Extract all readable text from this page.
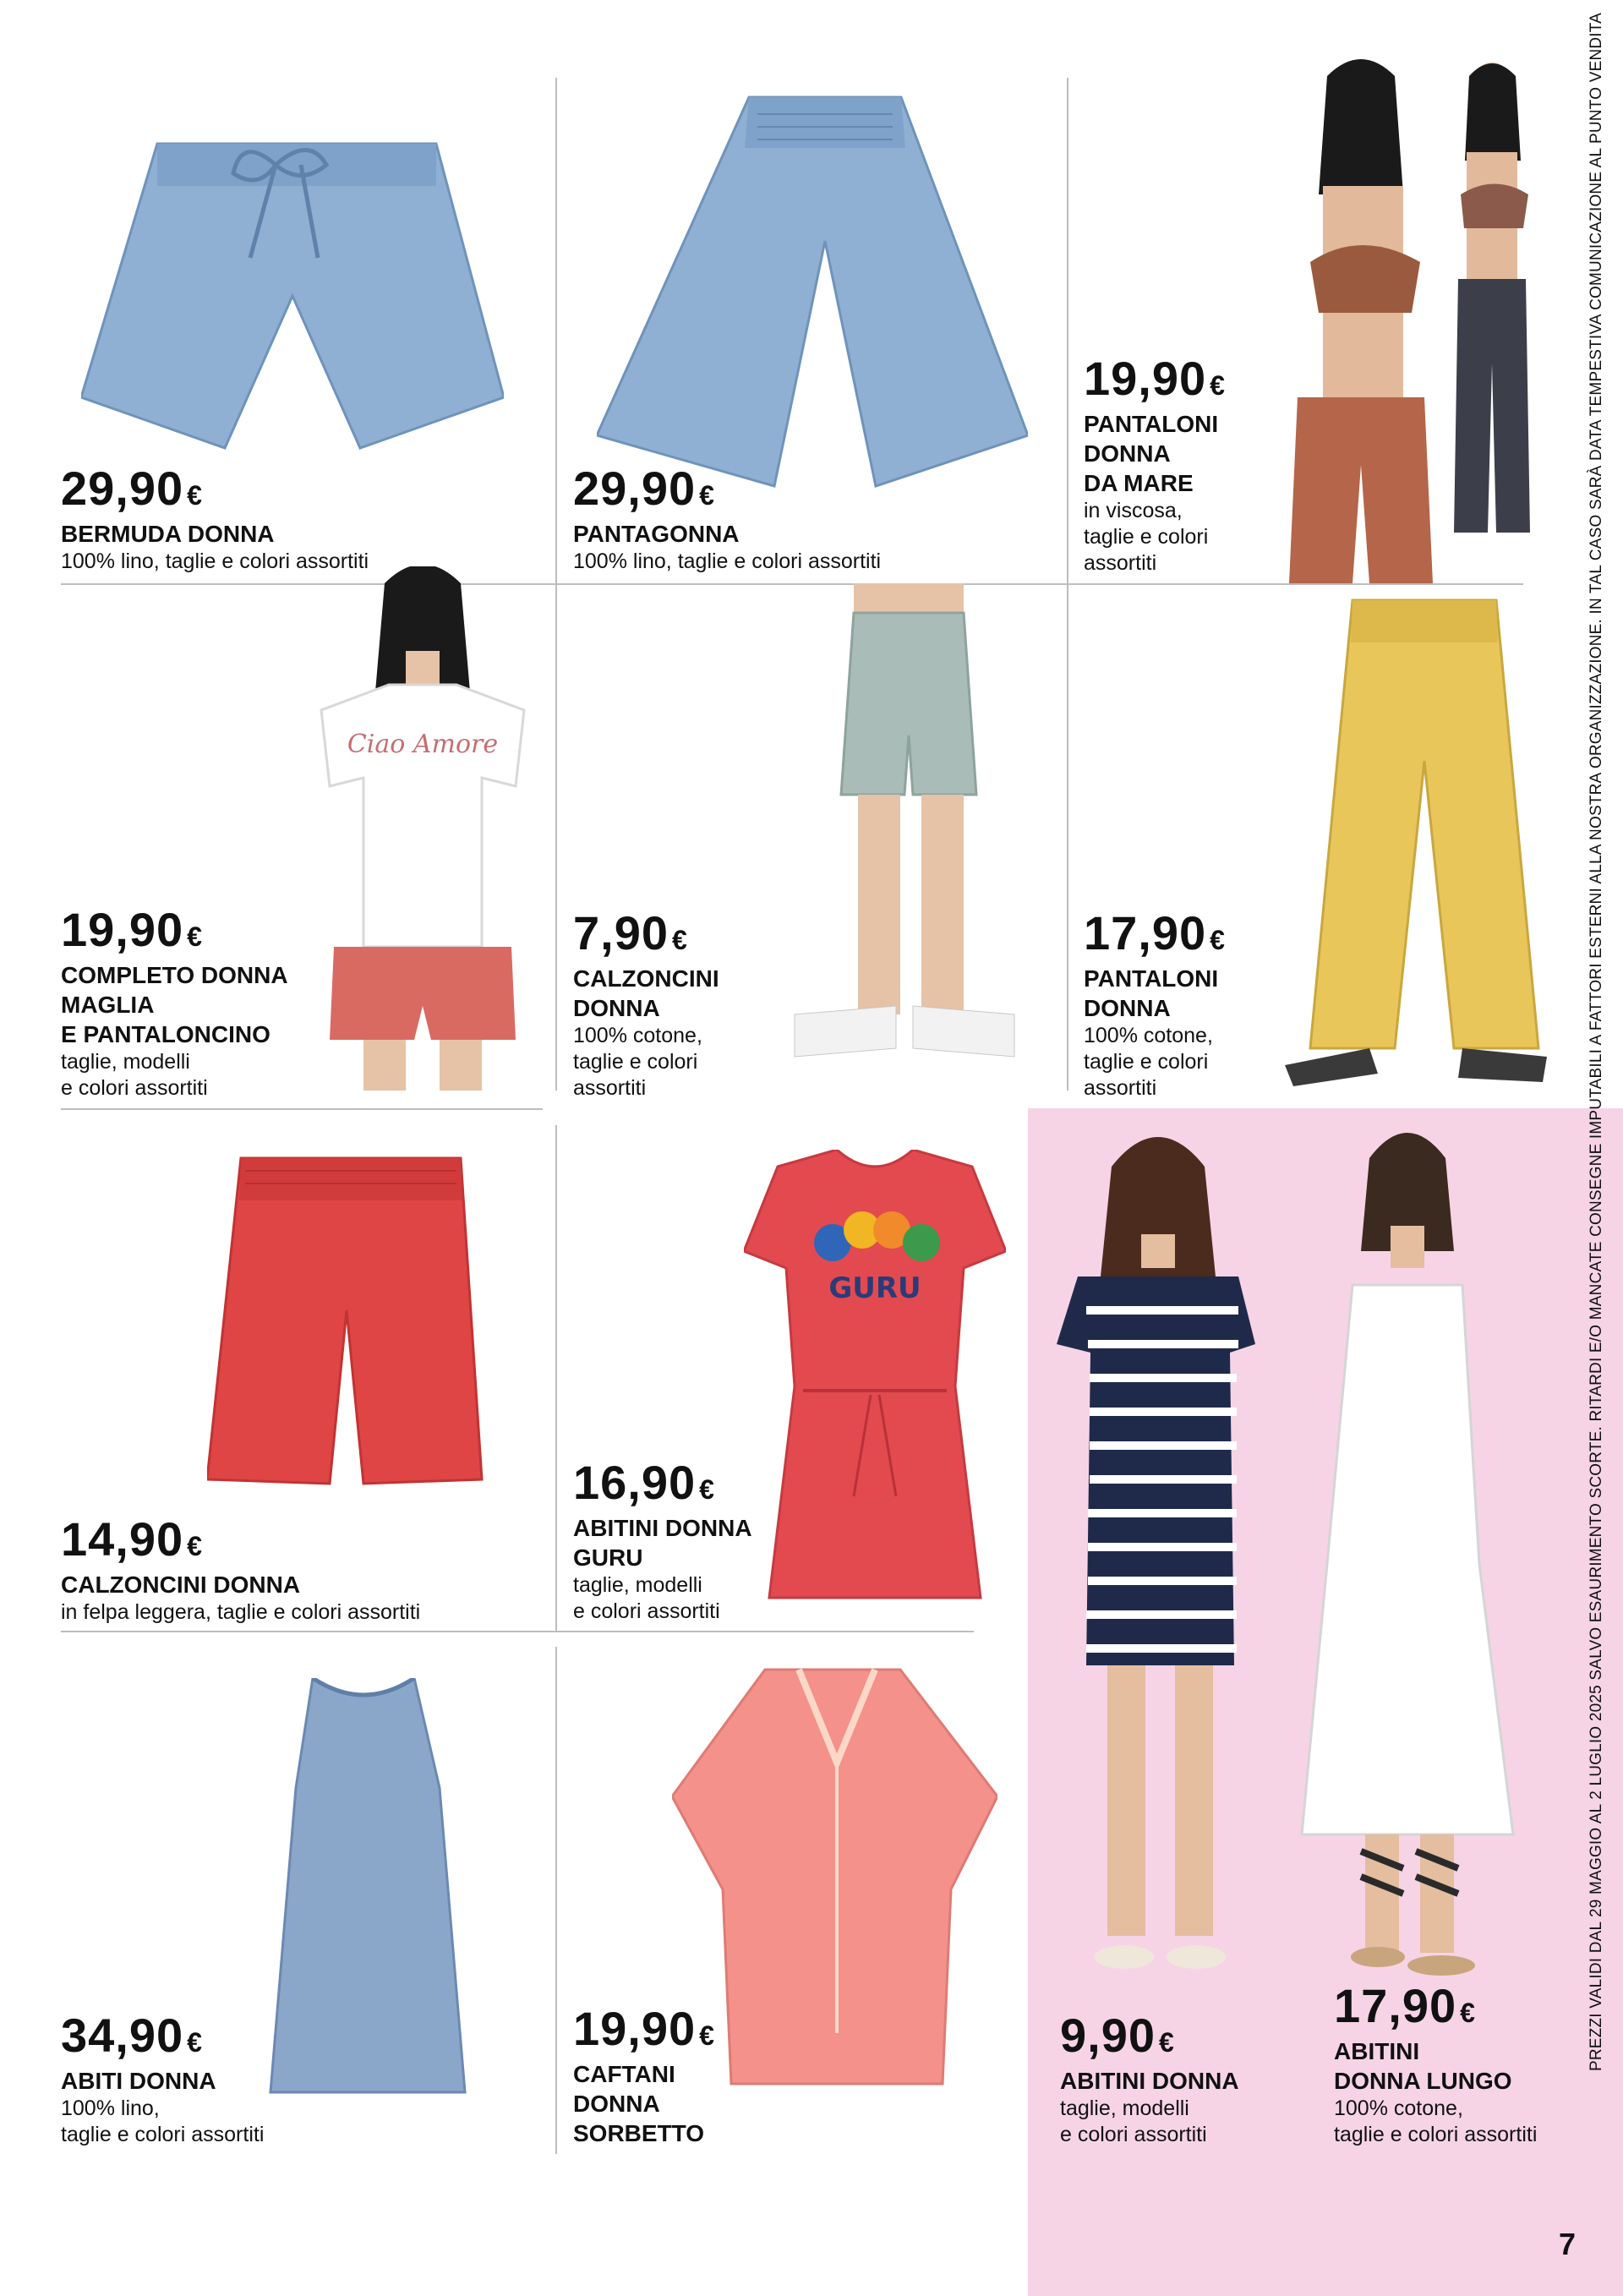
Ciao Amore
GURU
29,90 €
BERMUDA DONNA
100% lino, taglie e colori assortiti
29,90 €
PANTAGONNA
100% lino, taglie e colori assortiti
19,90 €
PANTALONI
DONNA
DA MARE
in viscosa,
taglie e colori
assortiti
19,90 €
COMPLETO DONNA
MAGLIA
E PANTALONCINO
taglie, modelli
e colori assortiti
7,90 €
CALZONCINI
DONNA
100% cotone,
taglie e colori
assortiti
17,90 €
PANTALONI
DONNA
100% cotone,
taglie e colori
assortiti
14,90 €
CALZONCINI DONNA
in felpa leggera, taglie e colori assortiti
16,90 €
ABITINI DONNA
GURU
taglie, modelli
e colori assortiti
34,90 €
ABITI DONNA
100% lino,
taglie e colori assortiti
19,90 €
CAFTANI
DONNA
SORBETTO
9,90 €
ABITINI DONNA
taglie, modelli
e colori assortiti
17,90 €
ABITINI
DONNA LUNGO
100% cotone,
taglie e colori assortiti
PREZZI VALIDI DAL 29 MAGGIO AL 2 LUGLIO 2025 SALVO ESAURIMENTO SCORTE. RITARDI E/O MANCATE CONSEGNE IMPUTABILI A FATTORI ESTERNI ALLA NOSTRA ORGANIZZAZIONE. IN TAL CASO SARÀ DATA TEMPESTIVA COMUNICAZIONE AL PUNTO VENDITA
7
